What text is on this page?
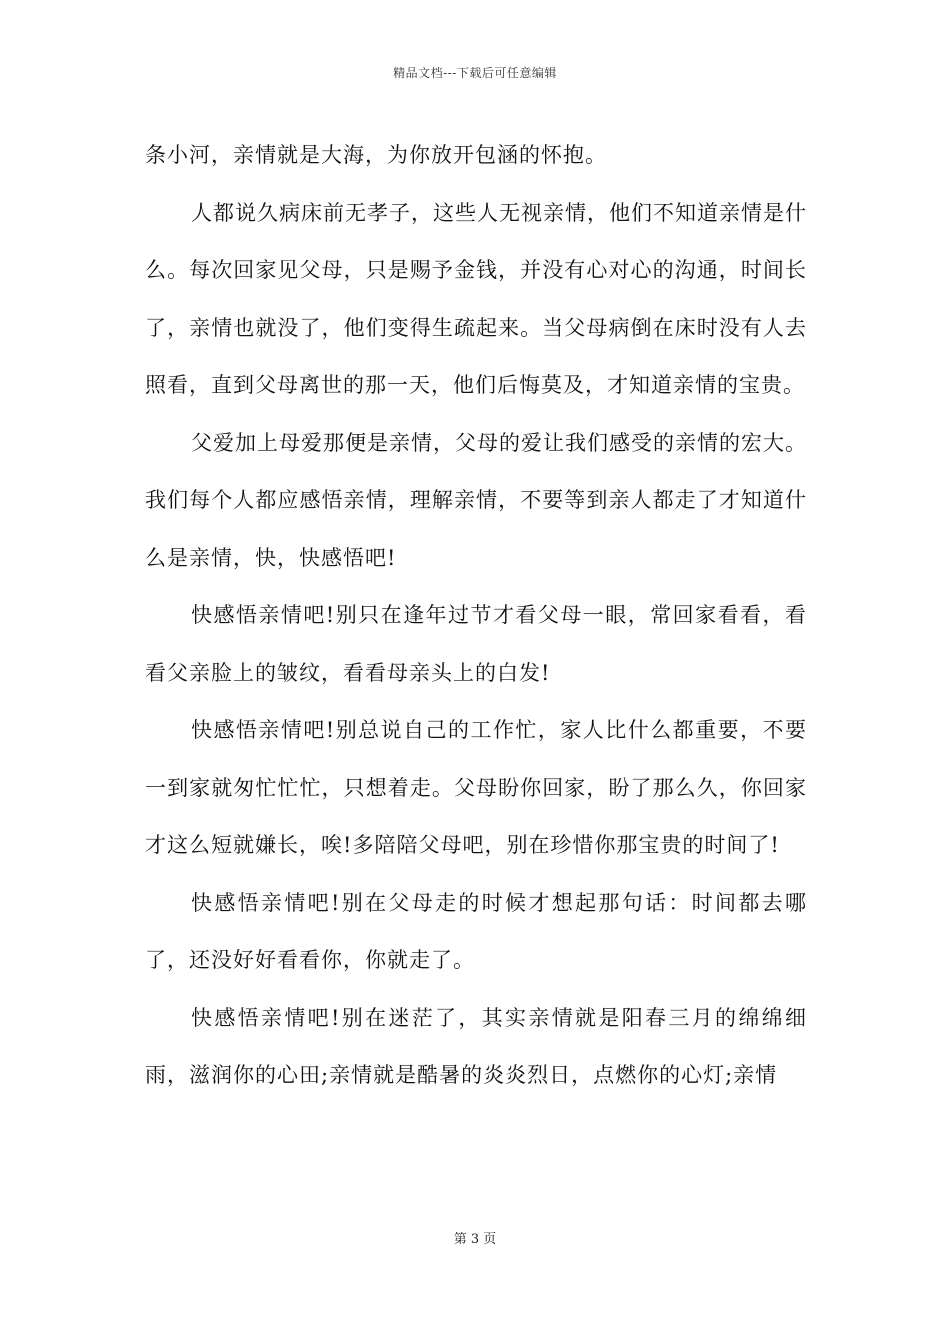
精品文档---下载后可任意编辑

条小河，亲情就是大海，为你放开包涵的怀抱。

人都说久病床前无孝子，这些人无视亲情，他们不知道亲情是什么。每次回家见父母，只是赐予金钱，并没有心对心的沟通，时间长了，亲情也就没了，他们变得生疏起来。当父母病倒在床时没有人去照看，直到父母离世的那一天，他们后悔莫及，才知道亲情的宝贵。

父爱加上母爱那便是亲情，父母的爱让我们感受的亲情的宏大。我们每个人都应感悟亲情，理解亲情，不要等到亲人都走了才知道什么是亲情，快，快感悟吧!

快感悟亲情吧!别只在逢年过节才看父母一眼，常回家看看，看看父亲脸上的皱纹，看看母亲头上的白发!

快感悟亲情吧!别总说自己的工作忙，家人比什么都重要，不要一到家就匆忙忙忙，只想着走。父母盼你回家，盼了那么久，你回家才这么短就嫌长，唉!多陪陪父母吧，别在珍惜你那宝贵的时间了!

快感悟亲情吧!别在父母走的时候才想起那句话：时间都去哪了，还没好好看看你，你就走了。

快感悟亲情吧!别在迷茫了，其实亲情就是阳春三月的绵绵细雨，滋润你的心田;亲情就是酷暑的炎炎烈日，点燃你的心灯;亲情

第 3 页
